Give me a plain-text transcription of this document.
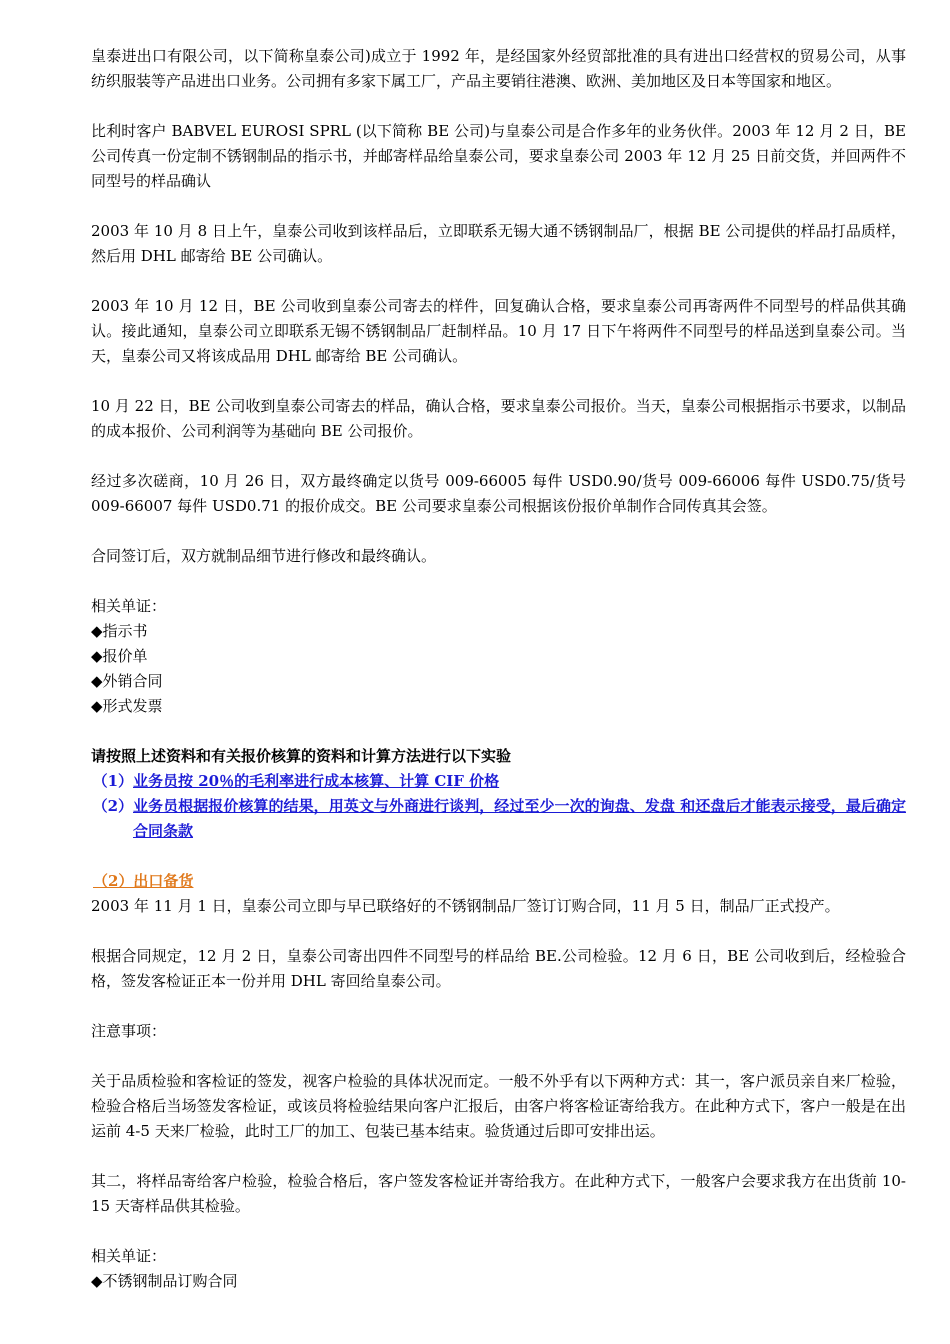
皇泰进出口有限公司，以下简称皇泰公司)成立于 1992 年，是经国家外经贸部批准的具有进出口经营权的贸易公司，从事纺织服装等产品进出口业务。公司拥有多家下属工厂，产品主要销往港澳、欧洲、美加地区及日本等国家和地区。

比利时客户 BABVEL EUROSI SPRL (以下简称 BE 公司)与皇泰公司是合作多年的业务伙伴。2003 年 12 月 2 日，BE 公司传真一份定制不锈钢制品的指示书，并邮寄样品给皇泰公司，要求皇泰公司 2003 年 12 月 25 日前交货，并回两件不同型号的样品确认

2003 年 10 月 8 日上午，皇泰公司收到该样品后，立即联系无锡大通不锈钢制品厂，根据 BE 公司提供的样品打品质样，然后用 DHL 邮寄给 BE 公司确认。

2003 年 10 月 12 日，BE 公司收到皇泰公司寄去的样件，回复确认合格，要求皇泰公司再寄两件不同型号的样品供其确认。接此通知，皇泰公司立即联系无锡不锈钢制品厂赶制样品。10 月 17 日下午将两件不同型号的样品送到皇泰公司。当天，皇泰公司又将该成品用 DHL 邮寄给 BE 公司确认。

10 月 22 日，BE 公司收到皇泰公司寄去的样品，确认合格，要求皇泰公司报价。当天，皇泰公司根据指示书要求，以制品的成本报价、公司利润等为基础向 BE 公司报价。

经过多次磋商，10 月 26 日，双方最终确定以货号 009-66005 每件 USD0.90/货号 009-66006 每件 USD0.75/货号 009-66007 每件 USD0.71 的报价成交。BE 公司要求皇泰公司根据该份报价单制作合同传真其会签。

合同签订后，双方就制品细节进行修改和最终确认。

相关单证：
◆指示书
◆报价单
◆外销合同
◆形式发票

请按照上述资料和有关报价核算的资料和计算方法进行以下实验

（1） 业务员按 20％的毛利率进行成本核算、计算 CIF 价格
（2） 业务员根据报价核算的结果，用英文与外商进行谈判，经过至少一次的询盘、发盘 和还盘后才能表示接受，最后确定合同条款

（2）出口备货

2003 年 11 月 1 日，皇泰公司立即与早已联络好的不锈钢制品厂签订订购合同，11 月 5 日，制品厂正式投产。

根据合同规定，12 月 2 日，皇泰公司寄出四件不同型号的样品给 BE.公司检验。12 月 6 日，BE 公司收到后，经检验合格，签发客检证正本一份并用 DHL 寄回给皇泰公司。

注意事项：

关于品质检验和客检证的签发，视客户检验的具体状况而定。一般不外乎有以下两种方式：其一，客户派员亲自来厂检验，检验合格后当场签发客检证，或该员将检验结果向客户汇报后，由客户将客检证寄给我方。在此种方式下，客户一般是在出运前 4-5 天来厂检验，此时工厂的加工、包装已基本结束。验货通过后即可安排出运。

其二，将样品寄给客户检验，检验合格后，客户签发客检证并寄给我方。在此种方式下，一般客户会要求我方在出货前 10-15 天寄样品供其检验。

相关单证：
◆不锈钢制品订购合同
